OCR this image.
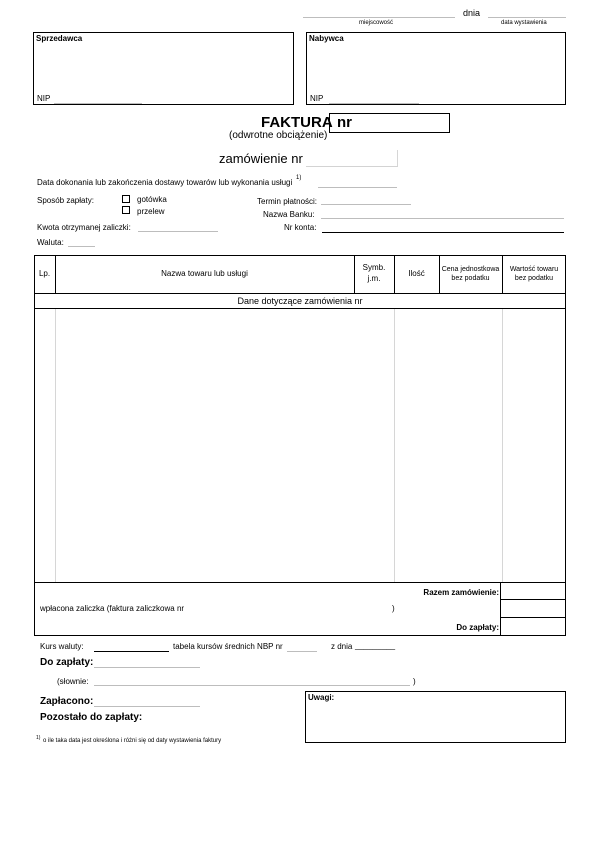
dnia
miejscowość	data wystawienia
Sprzedawca
NIP
Nabywca
NIP
FAKTURA nr
(odwrotne obciążenie)
zamówienie nr
Data dokonania lub zakończenia dostawy towarów lub wykonania usługi 1)
Sposób zapłaty:	gotówka
przelew
Termin płatności:
Nazwa Banku:
Nr konta:
Kwota otrzymanej zaliczki:
Waluta:
Lp.	Nazwa towaru lub usługi
Symb.
j.m.
Ilość	Cena jednostkowa
bez podatku
Wartość towaru
bez podatku
Dane dotyczące zamówienia nr
Razem zamówienie:
wpłacona zaliczka (faktura zaliczkowa nr	)
Do zapłaty:
Kurs waluty:	tabela kursów średnich NBP nr	z dnia _________
Do zapłaty:
(słownie:	)
Zapłacono:
Pozostało do zapłaty:
Uwagi:
1) o ile taka data jest określona i różni się od daty wystawienia faktury
